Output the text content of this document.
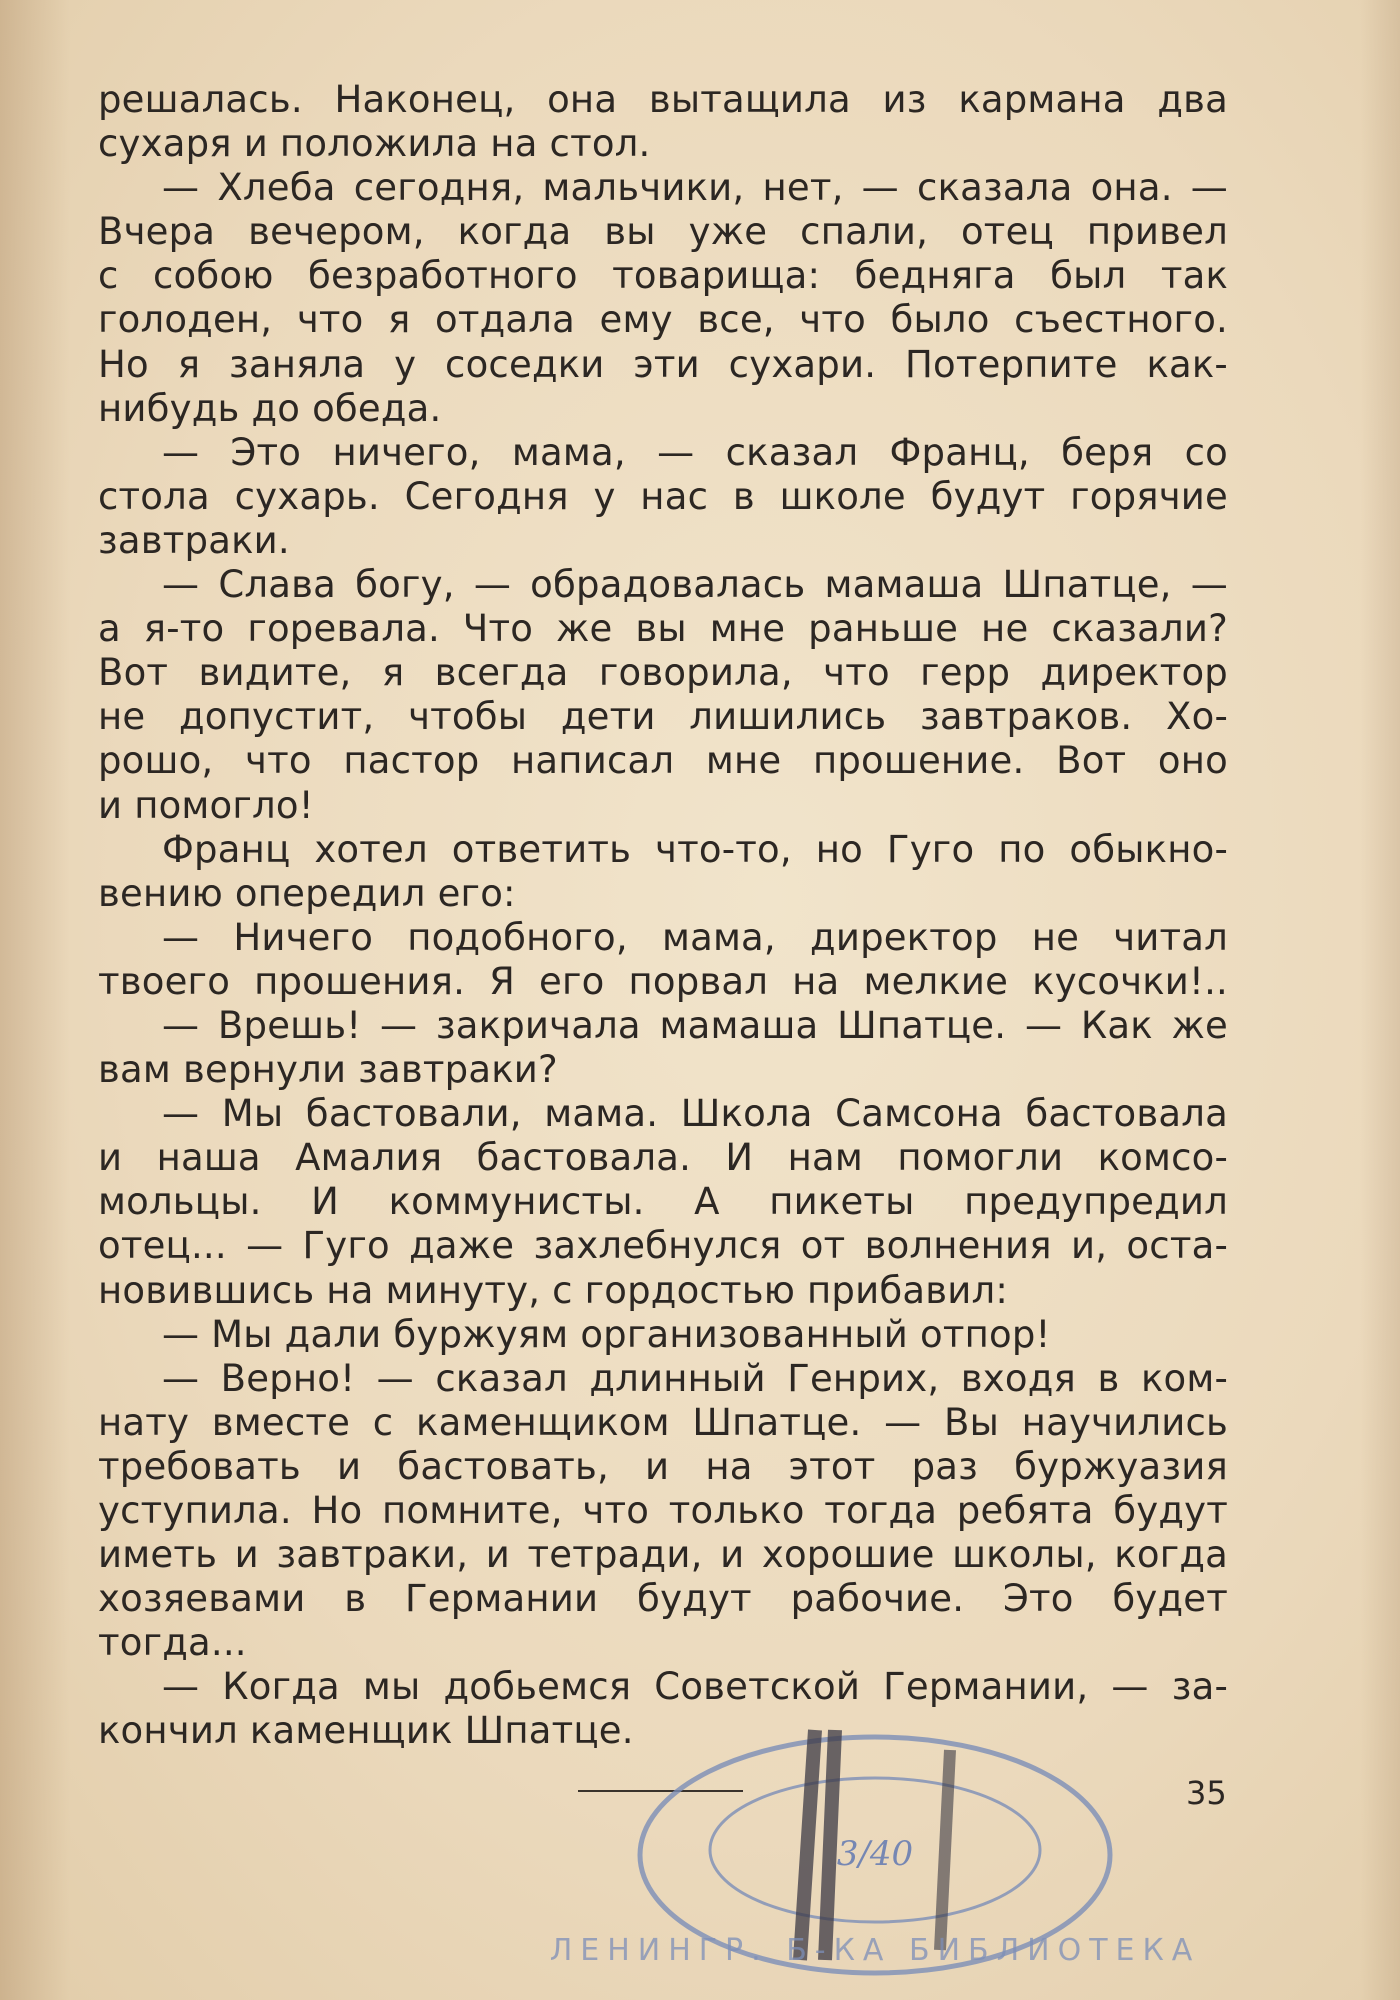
решалась. Наконец, она вытащила из кармана два
сухаря и положила на стол.
— Хлеба сегодня, мальчики, нет, — сказала она. —
Вчера вечером, когда вы уже спали, отец привел
с собою безработного товарища: бедняга был так
голоден, что я отдала ему все, что было съестного.
Но я заняла у соседки эти сухари. Потерпите как-
нибудь до обеда.
— Это ничего, мама, — сказал Франц, беря со
стола сухарь. Сегодня у нас в школе будут горячие
завтраки.
— Слава богу, — обрадовалась мамаша Шпатце, —
а я-то горевала. Что же вы мне раньше не сказали?
Вот видите, я всегда говорила, что герр директор
не допустит, чтобы дети лишились завтраков. Хо-
рошо, что пастор написал мне прошение. Вот оно
и помогло!
Франц хотел ответить что-то, но Гуго по обыкно-
вению опередил его:
— Ничего подобного, мама, директор не читал
твоего прошения. Я его порвал на мелкие кусочки!..
— Врешь! — закричала мамаша Шпатце. — Как же
вам вернули завтраки?
— Мы бастовали, мама. Школа Самсона бастовала
и наша Амалия бастовала. И нам помогли комсо-
мольцы. И коммунисты. А пикеты предупредил
отец... — Гуго даже захлебнулся от волнения и, оста-
новившись на минуту, с гордостью прибавил:
— Мы дали буржуям организованный отпор!
— Верно! — сказал длинный Генрих, входя в ком-
нату вместе с каменщиком Шпатце. — Вы научились
требовать и бастовать, и на этот раз буржуазия
уступила. Но помните, что только тогда ребята будут
иметь и завтраки, и тетради, и хорошие школы, когда
хозяевами в Германии будут рабочие. Это будет
тогда...
— Когда мы добьемся Советской Германии, — за-
кончил каменщик Шпатце.
35
3/40
ЛЕНИНГР. Б-КА БИБЛИОТЕКА
